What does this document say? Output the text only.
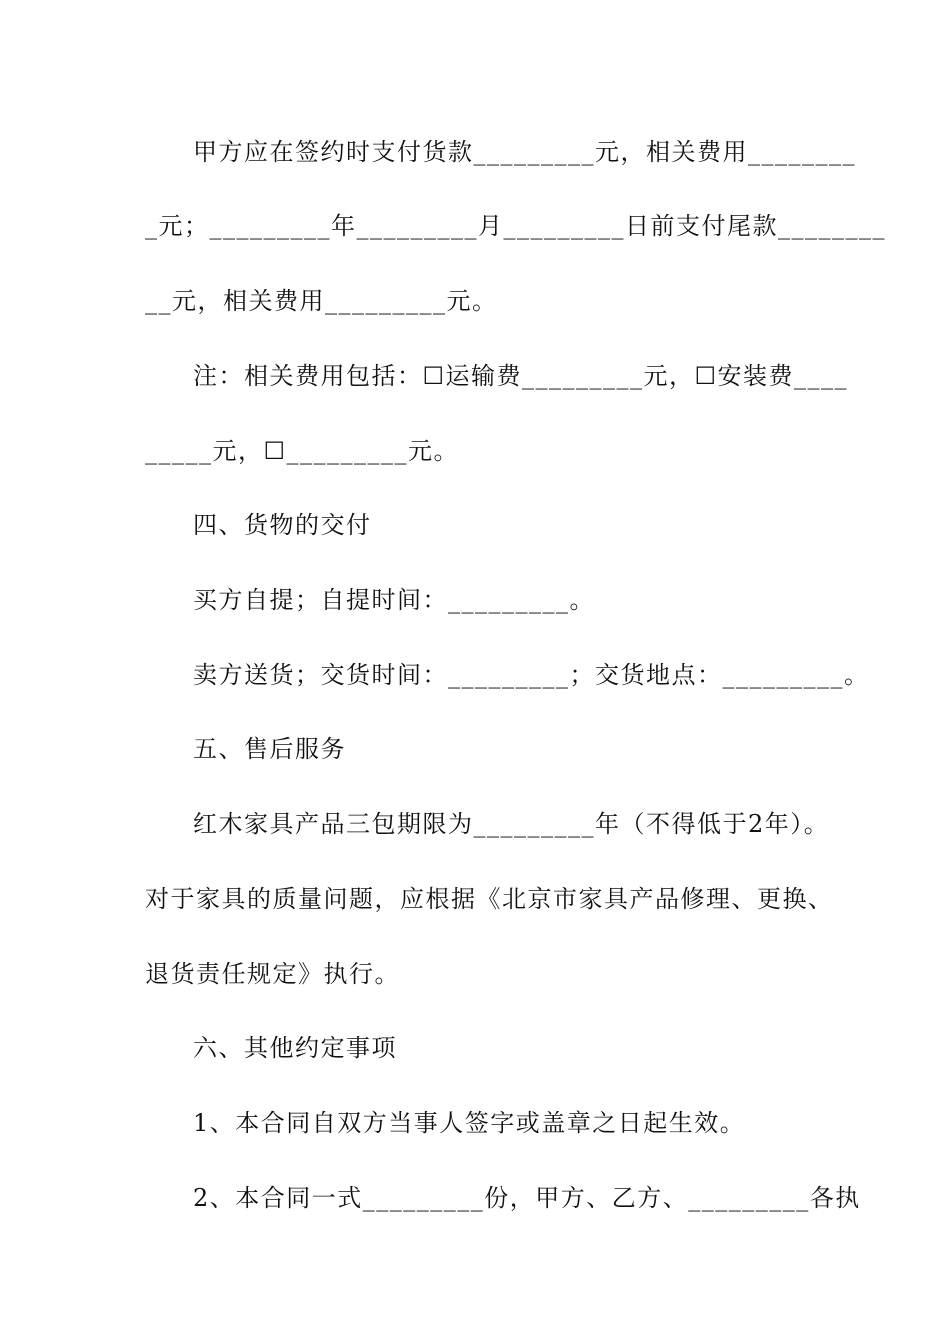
甲方应在签约时支付货款_________元，相关费用________
_元；_________年_________月_________日前支付尾款________
__元，相关费用_________元。
注：相关费用包括：☐运输费_________元，☐安装费____
_____元，☐_________元。
四、货物的交付
买方自提；自提时间：_________。
卖方送货；交货时间：_________；交货地点：_________。
五、售后服务
红木家具产品三包期限为_________年（不得低于2年）。
对于家具的质量问题，应根据《北京市家具产品修理、更换、
退货责任规定》执行。
六、其他约定事项
1、本合同自双方当事人签字或盖章之日起生效。
2、本合同一式_________份，甲方、乙方、_________各执
